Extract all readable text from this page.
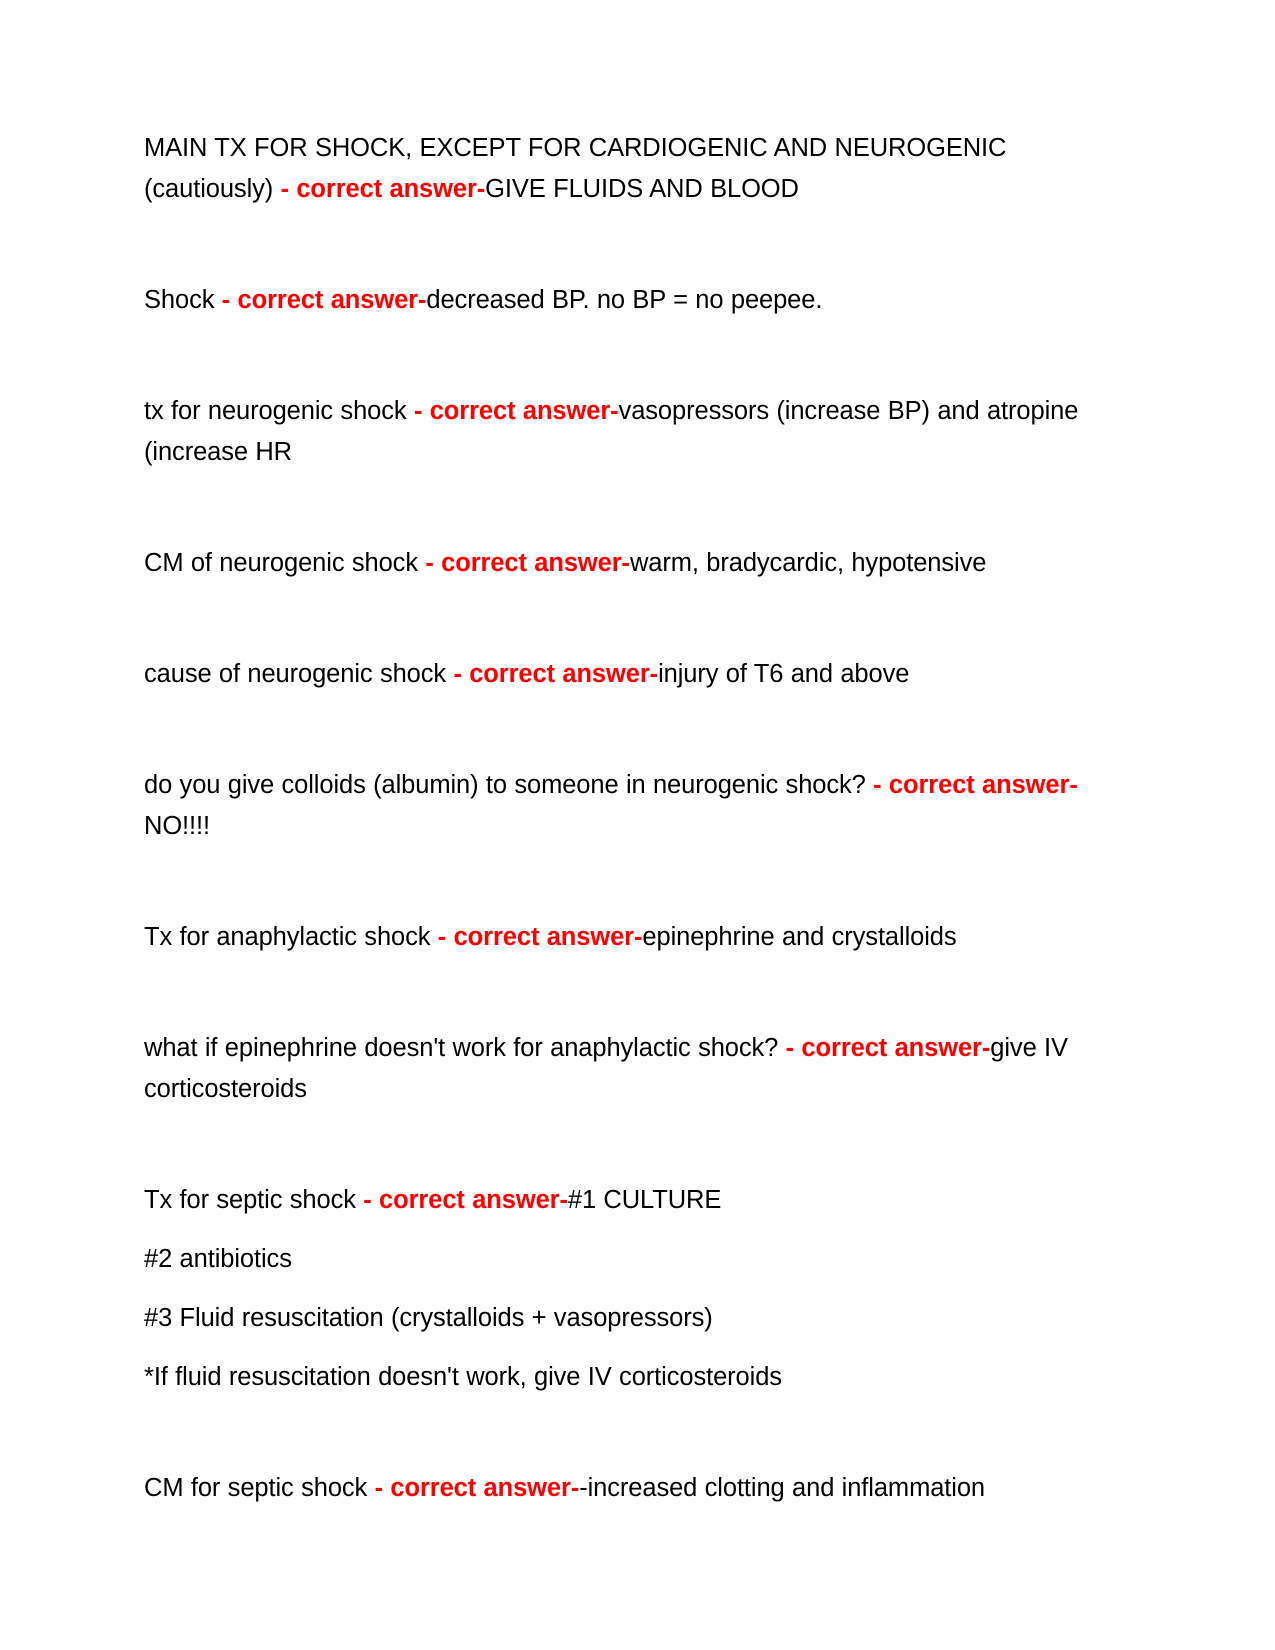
MAIN TX FOR SHOCK, EXCEPT FOR CARDIOGENIC AND NEUROGENIC (cautiously) - correct answer-GIVE FLUIDS AND BLOOD

Shock - correct answer-decreased BP. no BP = no peepee.

tx for neurogenic shock - correct answer-vasopressors (increase BP) and atropine (increase HR

CM of neurogenic shock - correct answer-warm, bradycardic, hypotensive

cause of neurogenic shock - correct answer-injury of T6 and above

do you give colloids (albumin) to someone in neurogenic shock? - correct answer-NO!!!!

Tx for anaphylactic shock - correct answer-epinephrine and crystalloids

what if epinephrine doesn't work for anaphylactic shock? - correct answer-give IV corticosteroids

Tx for septic shock - correct answer-#1 CULTURE

#2 antibiotics

#3 Fluid resuscitation (crystalloids + vasopressors)

*If fluid resuscitation doesn't work, give IV corticosteroids

CM for septic shock - correct answer--increased clotting and inflammation
